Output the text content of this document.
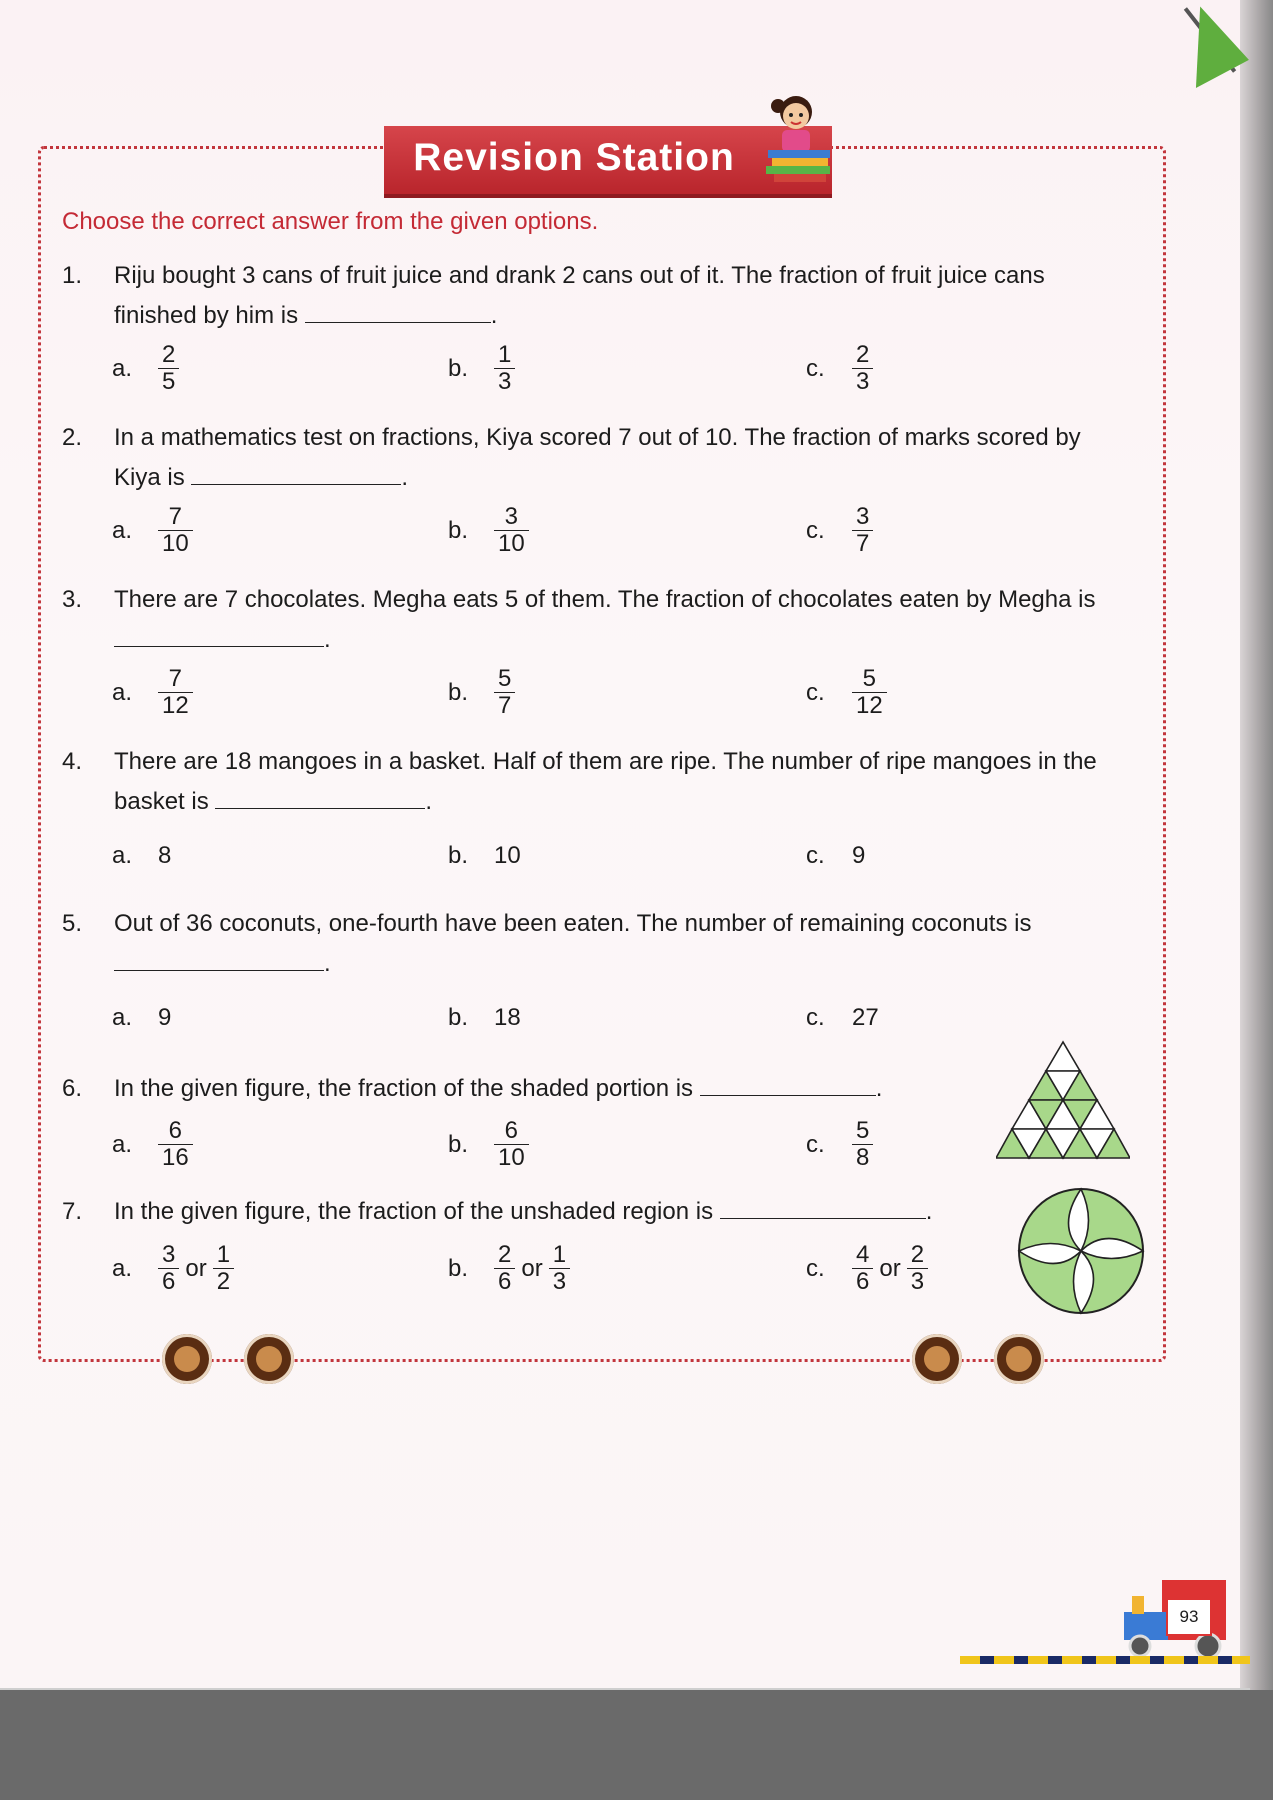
Revision Station
Choose the correct answer from the given options.
1.	Riju bought 3 cans of fruit juice and drank 2 cans out of it. The fraction of fruit juice cans finished by him is	.
a.	$\frac{2}{5}$	b.	$\frac{1}{3}$	c.	$\frac{2}{3}$
2.	In a mathematics test on fractions, Kiya scored 7 out of 10. The fraction of marks scored by Kiya is	.
a.	$\frac{7}{10}$	b.	$\frac{3}{10}$	c.	$\frac{3}{7}$
3.	There are 7 chocolates. Megha eats 5 of them. The fraction of chocolates eaten by Megha is .
a.	$\frac{7}{12}$	b.	$\frac{5}{7}$	c.	$\frac{5}{12}$
4.	There are 18 mangoes in a basket. Half of them are ripe. The number of ripe mangoes in the basket is	.
a.	8	b.	10	c.	9
5.	Out of 36 coconuts, one-fourth have been eaten. The number of remaining coconuts is .
a.	9	b.	18	c.	27
6.	In the given figure, the fraction of the shaded portion is	.
a.	$\frac{6}{16}$	b.	$\frac{6}{10}$	c.	$\frac{5}{8}$
7.	In the given figure, the fraction of the unshaded region is	.
a.	$\frac{3}{6}$ or $\frac{1}{2}$	b.	$\frac{2}{6}$ or $\frac{1}{3}$	c.	$\frac{4}{6}$ or $\frac{2}{3}$
93
